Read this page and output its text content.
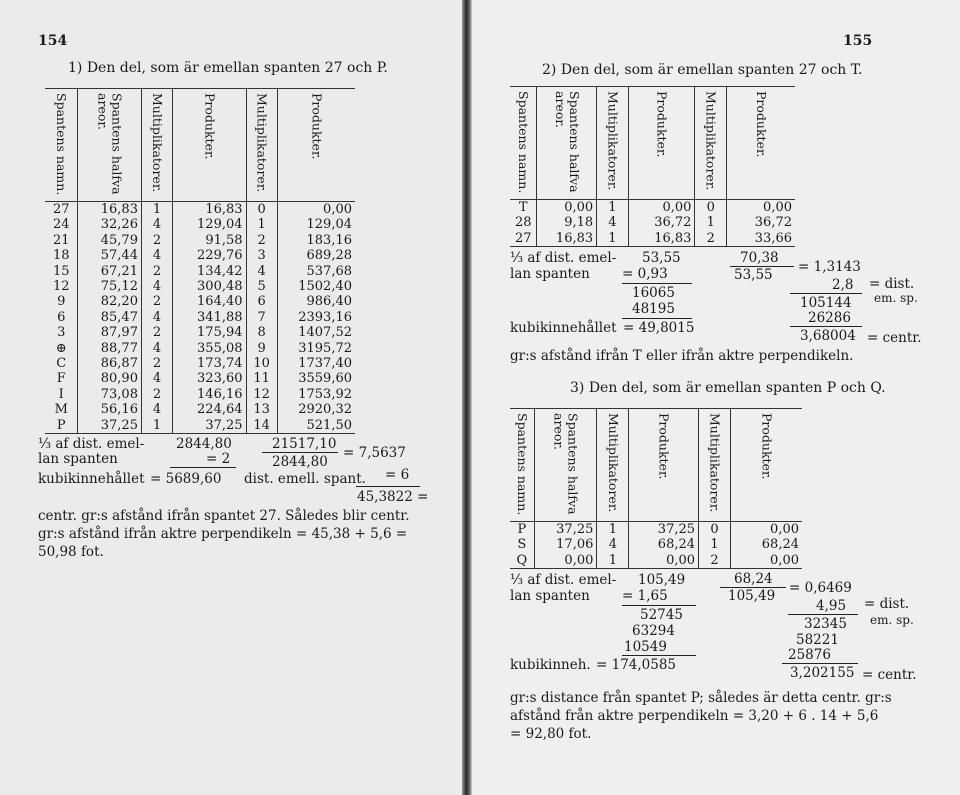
154
1) Den del, som är emellan spanten 27 och P.
Spantens namn.	Spantens halfva areor.	Multiplikatorer.	Produkter.	Multiplikatorer.	Produkter.

27	16,83	1	16,83	0	0,00
24	32,26	4	129,04	1	129,04
21	45,79	2	91,58	2	183,16
18	57,44	4	229,76	3	689,28
15	67,21	2	134,42	4	537,68
12	75,12	4	300,48	5	1502,40
9	82,20	2	164,40	6	986,40
6	85,47	4	341,88	7	2393,16
3	87,97	2	175,94	8	1407,52
⊕	88,77	4	355,08	9	3195,72
C	86,87	2	173,74	10	1737,40
F	80,90	4	323,60	11	3559,60
I	73,08	2	146,16	12	1753,92
M	56,16	4	224,64	13	2920,32
P	37,25	1	37,25	14	521,50
⅓ af dist. emel-
lan spanten
2844,80
= 2
21517,10
2844,80
= 7,5637
kubikinnehållet = 5689,60 dist. emell. spant. = 6
45,3822 =
centr. gr:s afstånd ifrån spantet 27. Således blir centr.
gr:s afstånd ifrån aktre perpendikeln = 45,38 + 5,6 =
50,98 fot.
155
2) Den del, som är emellan spanten 27 och T.
Spantens namn.	Spantens halfva areor.	Multiplikatorer.	Produkter.	Multiplikatorer.	Produkter.

T	0,00	1	0,00	0	0,00
28	9,18	4	36,72	1	36,72
27	16,83	1	16,83	2	33,66
⅓ af dist. emel-
lan spanten
53,55
= 0,93
16065
48195
kubikinnehållet = 49,8015
70,38
53,55 = 1,3143
2,8 = dist.
105144 em. sp.
26286
3,68004 = centr.
gr:s afstånd ifrån T eller ifrån aktre perpendikeln.
3) Den del, som är emellan spanten P och Q.
Spantens namn.	Spantens halfva areor.	Multiplikatorer.	Produkter.	Multiplikatorer.	Produkter.

P	37,25	1	37,25	0	0,00
S	17,06	4	68,24	1	68,24
Q	0,00	1	0,00	2	0,00
⅓ af dist. emel-
lan spanten
105,49
= 1,65
52745
63294
10549
kubikinneh. = 174,0585
68,24
105,49 = 0,6469
4,95 = dist.
32345 em. sp.
58221
25876
3,202155 = centr.
gr:s distance från spantet P; således är detta centr. gr:s
afstånd från aktre perpendikeln = 3,20 + 6 . 14 + 5,6
= 92,80 fot.
